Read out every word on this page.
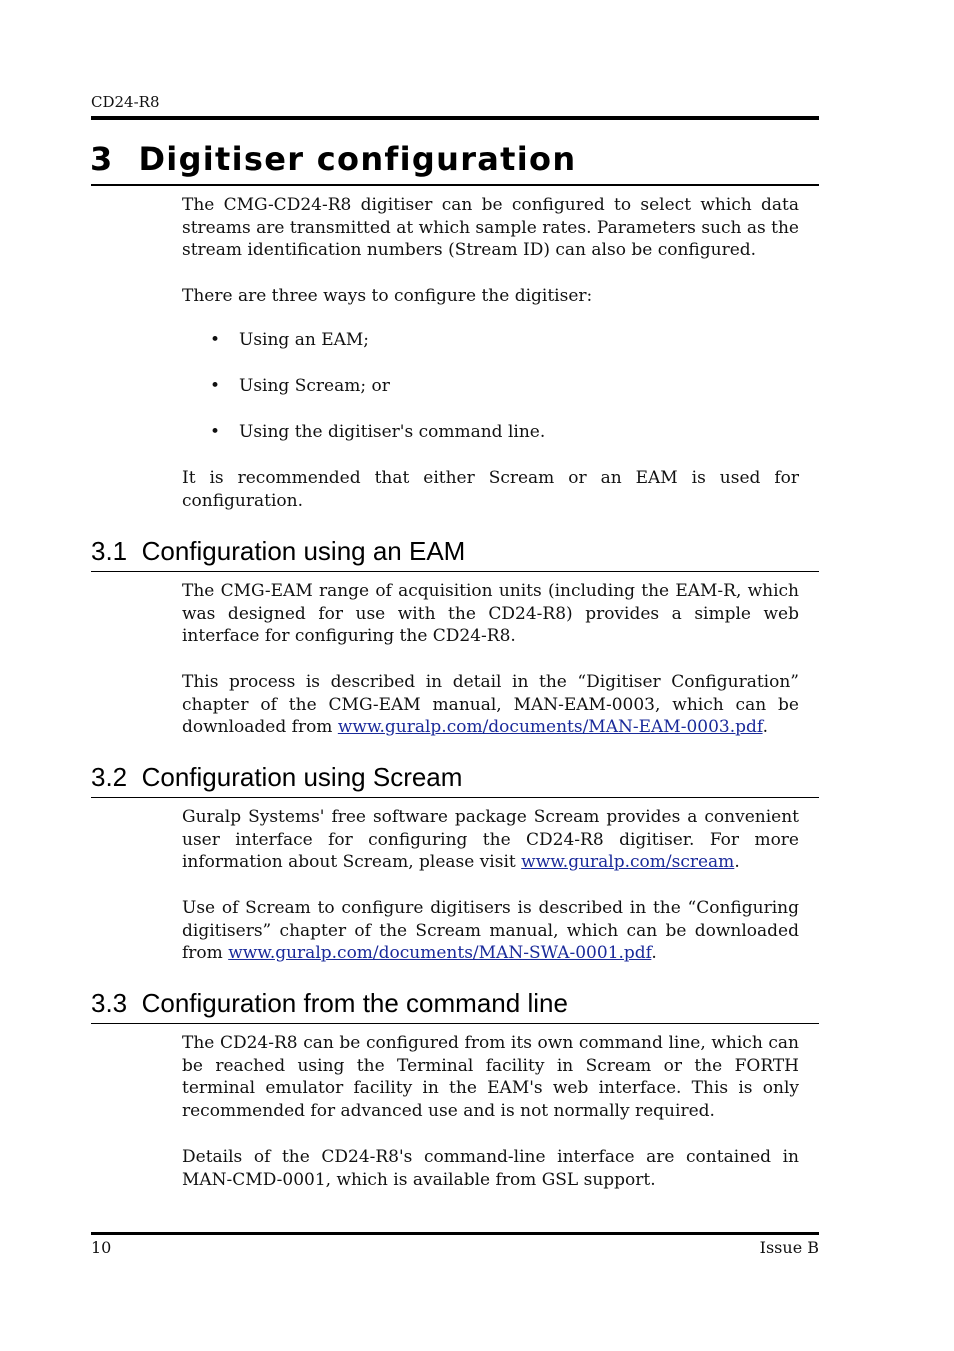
CD24-R8
3  Digitiser configuration
The CMG-CD24-R8 digitiser can be configured to select which data streams are transmitted at which sample rates. Parameters such as the stream identification numbers (Stream ID) can also be configured.
There are three ways to configure the digitiser:
• Using an EAM;
• Using Scream; or
• Using the digitiser's command line.
It is recommended that either Scream or an EAM is used for configuration.
3.1  Configuration using an EAM
The CMG-EAM range of acquisition units (including the EAM-R, which was designed for use with the CD24-R8) provides a simple web interface for configuring the CD24-R8.
This process is described in detail in the “Digitiser Configuration” chapter of the CMG-EAM manual, MAN-EAM-0003, which can be downloaded from www.guralp.com/documents/MAN-EAM-0003.pdf.
3.2  Configuration using Scream
Guralp Systems' free software package Scream provides a convenient user interface for configuring the CD24-R8 digitiser. For more information about Scream, please visit www.guralp.com/scream.
Use of Scream to configure digitisers is described in the “Configuring digitisers” chapter of the Scream manual, which can be downloaded from www.guralp.com/documents/MAN-SWA-0001.pdf.
3.3  Configuration from the command line
The CD24-R8 can be configured from its own command line, which can be reached using the Terminal facility in Scream or the FORTH terminal emulator facility in the EAM's web interface. This is only recommended for advanced use and is not normally required.
Details of the CD24-R8's command-line interface are contained in MAN-CMD-0001, which is available from GSL support.
10	Issue B
